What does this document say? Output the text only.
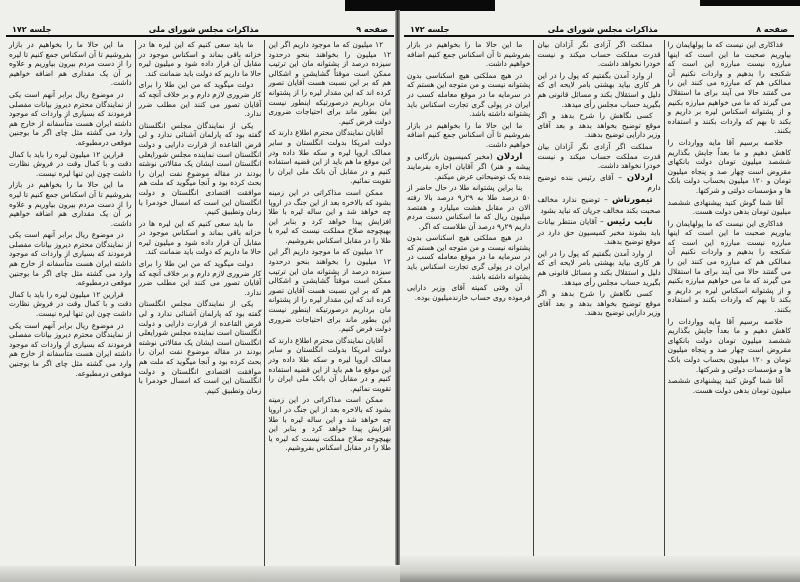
صفحه ۹
مذاکرات مجلس شورای ملی
جلسه ۱۷۲

۱۲ میلیون که ما موجود داریم اگر این ۱۲ میلیون را بخواهند بنحو درحدود سیزده درصد از پشتوانه مان این ترتیب ممکن است موقتاً گشایشی و اشکالی هم که بر این نسبت هست آقایان تصور کرده اند که این مقدار لیره را از پشتوانه مان برداریم درصورتیکه اینطور نیست این بطور ماند برای احتیاجات ضروری دولت فرض کنیم.

آقایان نمایندگان محترم اطلاع دارند که دولت امریکا بدولت انگلستان و سایر ممالک اروپا لیره و سکه طلا داده ودر این موقع ما هم باید از این قضیه استفاده کنیم و در مقابل آن بانک ملی ایران را تقویت نمائیم.

ممکن است مذاکراتی در این زمینه بشود که بالاخره بعد از این جنگ در اروپا چه خواهد شد و این ساله لیره با طلا افزایش پیدا خواهد کرد و بنابر این بهیچوجه صلاح مملکت نیست که لیره یا طلا را در مقابل اسکناس بفروشیم.

۱۲ میلیون که ما موجود داریم اگر این ۱۲ میلیون را بخواهند بنحو درحدود سیزده درصد از پشتوانه مان این ترتیب ممکن است موقتاً گشایشی و اشکالی هم که بر این نسبت هست آقایان تصور کرده اند که این مقدار لیره را از پشتوانه مان برداریم درصورتیکه اینطور نیست این بطور ماند برای احتیاجات ضروری دولت فرض کنیم.

آقایان نمایندگان محترم اطلاع دارند که دولت امریکا بدولت انگلستان و سایر ممالک اروپا لیره و سکه طلا داده ودر این موقع ما هم باید از این قضیه استفاده کنیم و در مقابل آن بانک ملی ایران را تقویت نمائیم.

ممکن است مذاکراتی در این زمینه بشود که بالاخره بعد از این جنگ در اروپا چه خواهد شد و این ساله لیره با طلا افزایش پیدا خواهد کرد و بنابر این بهیچوجه صلاح مملکت نیست که لیره یا طلا را در مقابل اسکناس بفروشیم.

ما باید سعی کنیم که این لیره ها در خزانه باقی بماند و اسکناس موجود در مقابل آن قرار داده شود و میلیون لیره حالا ما داریم که دولت باید ضمانت کند.

دولت میگوید که من این طلا را برای کار ضروری لازم دارم و بر خلاف آنچه که آقایان تصور می کنند این مطلب ضرر ندارد.

یکی از نمایندگان مجلس انگلستان گفته بود که پارلمان آشنائی ندارد و لی قرض القاعده از قرارت دارایی و دولت انگلستان است نماینده مجلس شورایعلی انگلستان است ایشان یک مقالاتی نوشته بودند در مقاله موضوع نفت ایران را بحث کرده بود و آنجا میگوید که ملت هم موافقت اقتصادی انگلستان و دولت انگلستان این است که امسال خودمرا با زمان وتطبیق کنیم.

ما باید سعی کنیم که این لیره ها در خزانه باقی بماند و اسکناس موجود در مقابل آن قرار داده شود و میلیون لیره حالا ما داریم که دولت باید ضمانت کند.

دولت میگوید که من این طلا را برای کار ضروری لازم دارم و بر خلاف آنچه که آقایان تصور می کنند این مطلب ضرر ندارد.

یکی از نمایندگان مجلس انگلستان گفته بود که پارلمان آشنائی ندارد و لی قرض القاعده از قرارت دارایی و دولت انگلستان است نماینده مجلس شورایعلی انگلستان است ایشان یک مقالاتی نوشته بودند در مقاله موضوع نفت ایران را بحث کرده بود و آنجا میگوید که ملت هم موافقت اقتصادی انگلستان و دولت انگلستان این است که امسال خودمرا با زمان وتطبیق کنیم.

ما این حالا ما را بخواهیم در بازار بفروشیم تا آن اسکناس جمع کنیم تا لیره را از دست مردم بیرون بیاوریم و علاوه بر آن یک مقداری هم اضافه خواهیم داشت.

در موضوع ریال برابر آنهم است یکی از نمایندگان محترم دیروز بیانات مفصلی فرمودند که بسیاری از واردات که موجود داشته ایران هست متأسفانه از خارج هم وارد می گشته مثل چای اگر ما بوجنین موقعی درمطبوعه.

قرارین ۱۲ میلیون لیره را باید با کمال دقت و با کمال وقت در فروش نظارت داشت چون این تنها لیره نیست.

ما این حالا ما را بخواهیم در بازار بفروشیم تا آن اسکناس جمع کنیم تا لیره را از دست مردم بیرون بیاوریم و علاوه بر آن یک مقداری هم اضافه خواهیم داشت.

در موضوع ریال برابر آنهم است یکی از نمایندگان محترم دیروز بیانات مفصلی فرمودند که بسیاری از واردات که موجود داشته ایران هست متأسفانه از خارج هم وارد می گشته مثل چای اگر ما بوجنین موقعی درمطبوعه.

قرارین ۱۲ میلیون لیره را باید با کمال دقت و با کمال وقت در فروش نظارت داشت چون این تنها لیره نیست.

در موضوع ریال برابر آنهم است یکی از نمایندگان محترم دیروز بیانات مفصلی فرمودند که بسیاری از واردات که موجود داشته ایران هست متأسفانه از خارج هم وارد می گشته مثل چای اگر ما بوجنین موقعی درمطبوعه.

صفحه ۸
مذاکرات مجلس شورای ملی
جلسه ۱۷۲

فداکاری این نیست که ما پولهایمان را بیاوریم صحبت ما این است که اینها مبارزه نیست مبارزه این است که شکنجه را بدهیم و واردات نکنیم آن ممالکی هم که مبارزه می کنند این را می گفتند حالا می آیند برای ما استقلال می گیرند که ما می خواهیم مبارزه بکنیم و از پشتوانه اسکناس لیره بر داریم و بکند تا بهم که واردات بکنند و استفاده بکنند.

خلاصه برسیم آقا مایه وواردات را کاهش دهیم و ما بعداً جایش بگذاریم ششصد میلیون تومان دولت بانکهای مقروض است چهار صد و پنجاه میلیون تومان و ۱۲۰ میلیون بحساب دولت بانک ها و مؤسسات دولتی و شرکتها.

آقا شما گوش کنید پیشنهادی ششصد میلیون تومان بدهی دولت هست.

فداکاری این نیست که ما پولهایمان را بیاوریم صحبت ما این است که اینها مبارزه نیست مبارزه این است که شکنجه را بدهیم و واردات نکنیم آن ممالکی هم که مبارزه می کنند این را می گفتند حالا می آیند برای ما استقلال می گیرند که ما می خواهیم مبارزه بکنیم و از پشتوانه اسکناس لیره بر داریم و بکند تا بهم که واردات بکنند و استفاده بکنند.

خلاصه برسیم آقا مایه وواردات را کاهش دهیم و ما بعداً جایش بگذاریم ششصد میلیون تومان دولت بانکهای مقروض است چهار صد و پنجاه میلیون تومان و ۱۲۰ میلیون بحساب دولت بانک ها و مؤسسات دولتی و شرکتها.

آقا شما گوش کنید پیشنهادی ششصد میلیون تومان بدهی دولت هست.

مملکت اگر آزادی نگر آزادان بیان قدرت مملکت حساب میکند و نیست خودرا نخواهد داشت.

ار وارد آمدن بگفتیم که پول را در این هر کاری بیاید بهشتی بامر لایحه ای که دلیل و استقلال بکند و مسائل قانونی هم بگیرید حساب مجلس رأی میدهد.

کسی نگاهش را شرح بدهد و اگر موقع توضیح بخواهد بدهد و بعد آقای وزیر دارایی توضیح بدهند.

مملکت اگر آزادی نگر آزادان بیان قدرت مملکت حساب میکند و نیست خودرا نخواهد داشت.

اردلان – آقای رئیس بنده توضیح دارم

تیمورتاش – توضیح ندارد مخالف صحبت بکند مخالف جریان که نباید بشود

نایب رئیس – آقایان منتظر بیانات باید بشوند مخبر کمیسیون حق دارد در موقع توضیح بدهند.

ار وارد آمدن بگفتیم که پول را در این هر کاری بیاید بهشتی بامر لایحه ای که دلیل و استقلال بکند و مسائل قانونی هم بگیرید حساب مجلس رأی میدهد.

کسی نگاهش را شرح بدهد و اگر موقع توضیح بخواهد بدهد و بعد آقای وزیر دارایی توضیح بدهند.

ما این حالا ما را بخواهیم در بازار بفروشیم تا آن اسکناس جمع کنیم اضافه خواهیم داشت.

در هیچ مملکتی هیچ اسکناسی بدون پشتوانه نیست و من متوجه این هستم که در سرمایه ما در موقع معامله کسب در ایران در پولی گری تجارت اسکناس باید پشتوانه داشته باشد.

ما این حالا ما را بخواهیم در بازار بفروشیم تا آن اسکناس جمع کنیم اضافه خواهیم داشت.

اردلان (مخبر کمیسیون بازرگانی و پیشه و هنر) اگر آقایان اجازه بفرمایند بنده یک توضیحاتی عرض میکنم.

بنا براین پشتوانه طلا در حال حاضر از ۵۰ درصد طلا به ۲۹ر۹ درصد بالا رفته الان در مقابل هشت میلیارد و هفتصد میلیون ریال که ما اسکناس دست مردم داریم ۲۹ر۹ درصد آن طلاست که اگر.

در هیچ مملکتی هیچ اسکناسی بدون پشتوانه نیست و من متوجه این هستم که در سرمایه ما در موقع معامله کسب در ایران در پولی گری تجارت اسکناس باید پشتوانه داشته باشد.

آن وقتی کمیته آقای وزیر دارایی فرموده روی حساب خازندمیلیون بوده.
